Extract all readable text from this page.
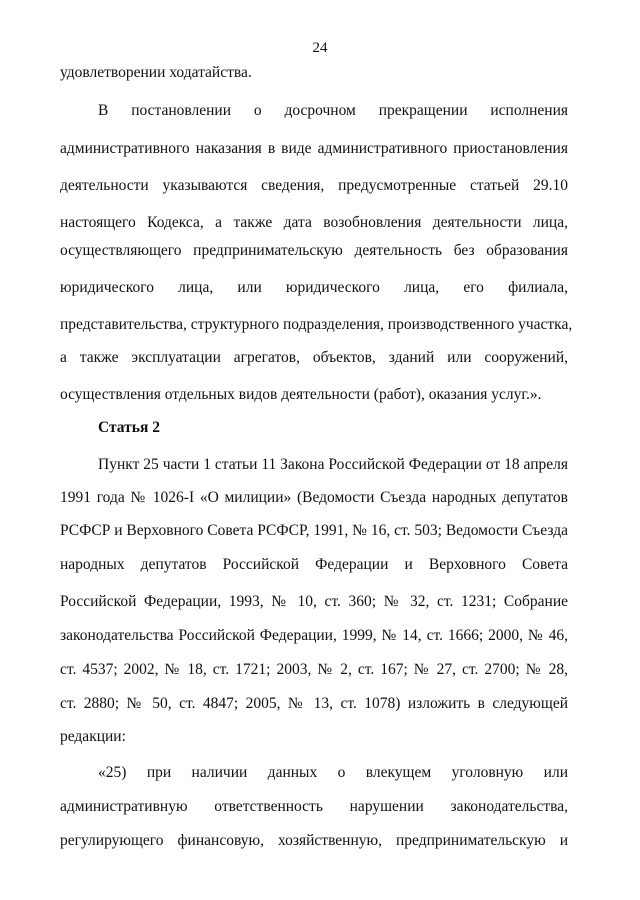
24

удовлетворении ходатайства.

В постановлении о досрочном прекращении исполнения

административного наказания в виде административного приостановления

деятельности указываются сведения, предусмотренные статьей 29.10

настоящего Кодекса, а также дата возобновления деятельности лица,

осуществляющего предпринимательскую деятельность без образования

юридического лица, или юридического лица, его филиала,

представительства, структурного подразделения, производственного участка,

а также эксплуатации агрегатов, объектов, зданий или сооружений,

осуществления отдельных видов деятельности (работ), оказания услуг.».

Статья 2

Пункт 25 части 1 статьи 11 Закона Российской Федерации от 18 апреля

1991 года № 1026-I «О милиции» (Ведомости Съезда народных депутатов

РСФСР и Верховного Совета РСФСР, 1991, № 16, ст. 503; Ведомости Съезда

народных депутатов Российской Федерации и Верховного Совета

Российской Федерации, 1993, № 10, ст. 360; № 32, ст. 1231; Собрание

законодательства Российской Федерации, 1999, № 14, ст. 1666; 2000, № 46,

ст. 4537; 2002, № 18, ст. 1721; 2003, № 2, ст. 167; № 27, ст. 2700; № 28,

ст. 2880; № 50, ст. 4847; 2005, № 13, ст. 1078) изложить в следующей

редакции:

«25) при наличии данных о влекущем уголовную или

административную ответственность нарушении законодательства,

регулирующего финансовую, хозяйственную, предпринимательскую и
